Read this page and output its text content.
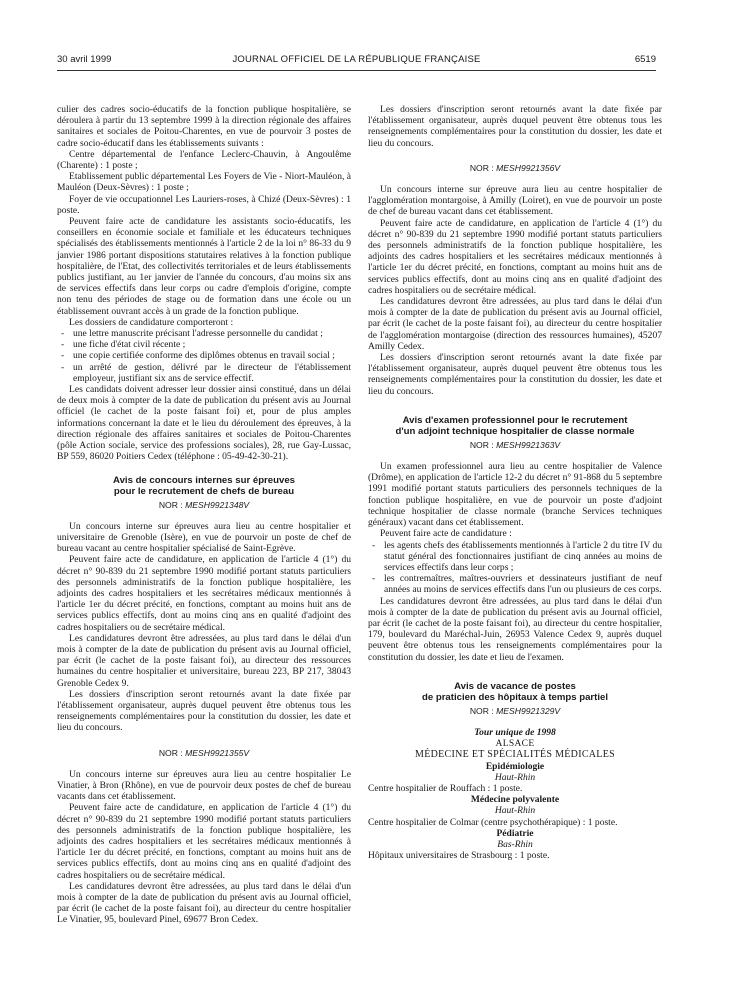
30 avril 1999	JOURNAL OFFICIEL DE LA RÉPUBLIQUE FRANÇAISE	6519

culier des cadres socio-éducatifs de la fonction publique hospitalière, se déroulera à partir du 13 septembre 1999 à la direction régionale des affaires sanitaires et sociales de Poitou-Charentes, en vue de pourvoir 3 postes de cadre socio-éducatif dans les établissements suivants :

Centre départemental de l'enfance Leclerc-Chauvin, à Angoulême (Charente) : 1 poste ;

Etablissement public départemental Les Foyers de Vie - Niort-Mauléon, à Mauléon (Deux-Sèvres) : 1 poste ;

Foyer de vie occupationnel Les Lauriers-roses, à Chizé (Deux-Sèvres) : 1 poste.

Peuvent faire acte de candidature les assistants socio-éducatifs, les conseillers en économie sociale et familiale et les éducateurs techniques spécialisés des établissements mentionnés à l'article 2 de la loi n° 86-33 du 9 janvier 1986 portant dispositions statutaires relatives à la fonction publique hospitalière, de l'Etat, des collectivités territoriales et de leurs établissements publics justifiant, au 1er janvier de l'année du concours, d'au moins six ans de services effectifs dans leur corps ou cadre d'emplois d'origine, compte non tenu des périodes de stage ou de formation dans une école ou un établissement ouvrant accès à un grade de la fonction publique.

Les dossiers de candidature comporteront :

- une lettre manuscrite précisant l'adresse personnelle du candidat ;
- une fiche d'état civil récente ;
- une copie certifiée conforme des diplômes obtenus en travail social ;
- un arrêté de gestion, délivré par le directeur de l'établissement employeur, justifiant six ans de service effectif.

Les candidats doivent adresser leur dossier ainsi constitué, dans un délai de deux mois à compter de la date de publication du présent avis au Journal officiel (le cachet de la poste faisant foi) et, pour de plus amples informations concernant la date et le lieu du déroulement des épreuves, à la direction régionale des affaires sanitaires et sociales de Poitou-Charentes (pôle Action sociale, service des professions sociales), 28, rue Gay-Lussac, BP 559, 86020 Poitiers Cedex (téléphone : 05-49-42-30-21).

Avis de concours internes sur épreuves
pour le recrutement de chefs de bureau
NOR : MESH9921348V

Un concours interne sur épreuves aura lieu au centre hospitalier et universitaire de Grenoble (Isère), en vue de pourvoir un poste de chef de bureau vacant au centre hospitalier spécialisé de Saint-Egrève.

Peuvent faire acte de candidature, en application de l'article 4 (1°) du décret n° 90-839 du 21 septembre 1990 modifié portant statuts particuliers des personnels administratifs de la fonction publique hospitalière, les adjoints des cadres hospitaliers et les secrétaires médicaux mentionnés à l'article 1er du décret précité, en fonctions, comptant au moins huit ans de services publics effectifs, dont au moins cinq ans en qualité d'adjoint des cadres hospitaliers ou de secrétaire médical.

Les candidatures devront être adressées, au plus tard dans le délai d'un mois à compter de la date de publication du présent avis au Journal officiel, par écrit (le cachet de la poste faisant foi), au directeur des ressources humaines du centre hospitalier et universitaire, bureau 223, BP 217, 38043 Grenoble Cedex 9.

Les dossiers d'inscription seront retournés avant la date fixée par l'établissement organisateur, auprès duquel peuvent être obtenus tous les renseignements complémentaires pour la constitution du dossier, les date et lieu du concours.

NOR : MESH9921355V

Un concours interne sur épreuves aura lieu au centre hospitalier Le Vinatier, à Bron (Rhône), en vue de pourvoir deux postes de chef de bureau vacants dans cet établissement.

Peuvent faire acte de candidature, en application de l'article 4 (1°) du décret n° 90-839 du 21 septembre 1990 modifié portant statuts particuliers des personnels administratifs de la fonction publique hospitalière, les adjoints des cadres hospitaliers et les secrétaires médicaux mentionnés à l'article 1er du décret précité, en fonctions, comptant au moins huit ans de services publics effectifs, dont au moins cinq ans en qualité d'adjoint des cadres hospitaliers ou de secrétaire médical.

Les candidatures devront être adressées, au plus tard dans le délai d'un mois à compter de la date de publication du présent avis au Journal officiel, par écrit (le cachet de la poste faisant foi), au directeur du centre hospitalier Le Vinatier, 95, boulevard Pinel, 69677 Bron Cedex.

Les dossiers d'inscription seront retournés avant la date fixée par l'établissement organisateur, auprès duquel peuvent être obtenus tous les renseignements complémentaires pour la constitution du dossier, les date et lieu du concours.

NOR : MESH9921356V

Un concours interne sur épreuve aura lieu au centre hospitalier de l'agglomération montargoise, à Amilly (Loiret), en vue de pourvoir un poste de chef de bureau vacant dans cet établissement.

Peuvent faire acte de candidature, en application de l'article 4 (1°) du décret n° 90-839 du 21 septembre 1990 modifié portant statuts particuliers des personnels administratifs de la fonction publique hospitalière, les adjoints des cadres hospitaliers et les secrétaires médicaux mentionnés à l'article 1er du décret précité, en fonctions, comptant au moins huit ans de services publics effectifs, dont au moins cinq ans en qualité d'adjoint des cadres hospitaliers ou de secrétaire médical.

Les candidatures devront être adressées, au plus tard dans le délai d'un mois à compter de la date de publication du présent avis au Journal officiel, par écrit (le cachet de la poste faisant foi), au directeur du centre hospitalier de l'agglomération montargoise (direction des ressources humaines), 45207 Amilly Cedex.

Les dossiers d'inscription seront retournés avant la date fixée par l'établissement organisateur, auprès duquel peuvent être obtenus tous les renseignements complémentaires pour la constitution du dossier, les date et lieu du concours.

Avis d'examen professionnel pour le recrutement
d'un adjoint technique hospitalier de classe normale
NOR : MESH9921363V

Un examen professionnel aura lieu au centre hospitalier de Valence (Drôme), en application de l'article 12-2 du décret n° 91-868 du 5 septembre 1991 modifié portant statuts particuliers des personnels techniques de la fonction publique hospitalière, en vue de pourvoir un poste d'adjoint technique hospitalier de classe normale (branche Services techniques généraux) vacant dans cet établissement.

Peuvent faire acte de candidature :

- les agents chefs des établissements mentionnés à l'article 2 du titre IV du statut général des fonctionnaires justifiant de cinq années au moins de services effectifs dans leur corps ;
- les contremaîtres, maîtres-ouvriers et dessinateurs justifiant de neuf années au moins de services effectifs dans l'un ou plusieurs de ces corps.

Les candidatures devront être adressées, au plus tard dans le délai d'un mois à compter de la date de publication du présent avis au Journal officiel, par écrit (le cachet de la poste faisant foi), au directeur du centre hospitalier, 179, boulevard du Maréchal-Juin, 26953 Valence Cedex 9, auprès duquel peuvent être obtenus tous les renseignements complémentaires pour la constitution du dossier, les date et lieu de l'examen.

Avis de vacance de postes
de praticien des hôpitaux à temps partiel
NOR : MESH9921329V

Tour unique de 1998

ALSACE

MÉDECINE ET SPÉCIALITÉS MÉDICALES

Epidémiologie

Haut-Rhin

Centre hospitalier de Rouffach : 1 poste.

Médecine polyvalente

Haut-Rhin

Centre hospitalier de Colmar (centre psychothérapique) : 1 poste.

Pédiatrie

Bas-Rhin

Hôpitaux universitaires de Strasbourg : 1 poste.
